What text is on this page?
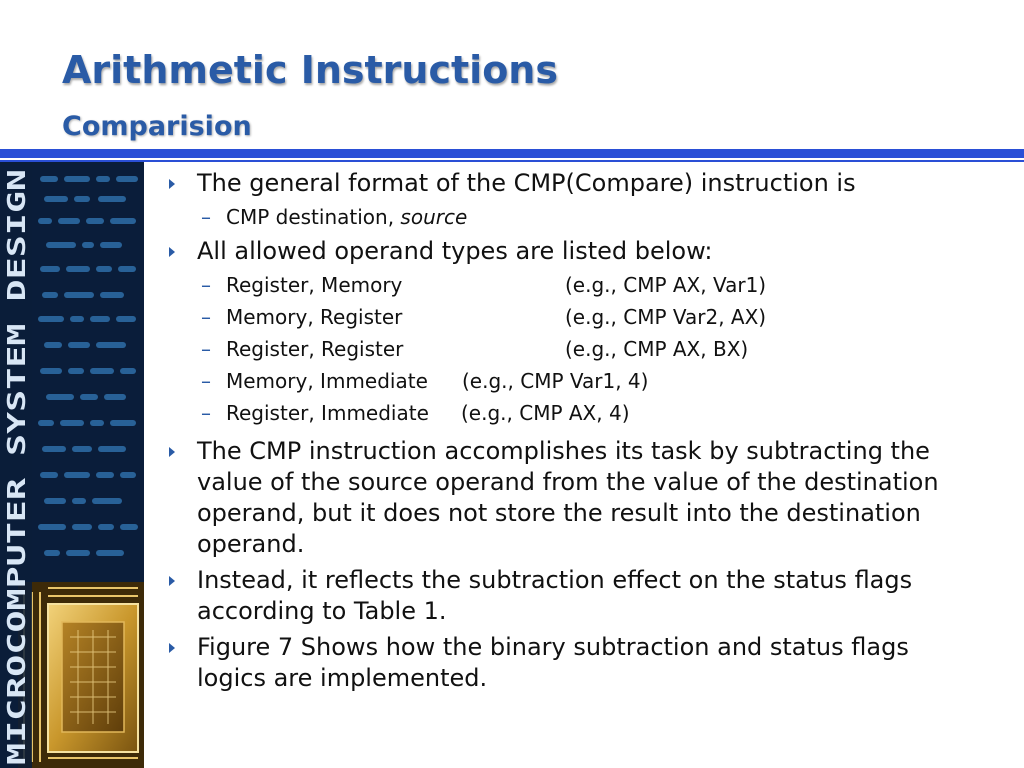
Arithmetic Instructions
Comparision
MICROCOMPUTER SYSTEM DESIGN
The general format of the CMP(Compare) instruction is
– CMP destination, source
All allowed operand types are listed below:
– Register, Memory	(e.g., CMP AX, Var1)
– Memory, Register	(e.g., CMP Var2, AX)
– Register, Register	(e.g., CMP AX, BX)
– Memory, Immediate (e.g., CMP Var1, 4)
– Register, Immediate (e.g., CMP AX, 4)
The CMP instruction accomplishes its task by subtracting the value of the source operand from the value of the destination operand, but it does not store the result into the destination operand.
Instead, it reflects the subtraction effect on the status flags according to Table 1.
Figure 7 Shows how the binary subtraction and status flags logics are implemented.
